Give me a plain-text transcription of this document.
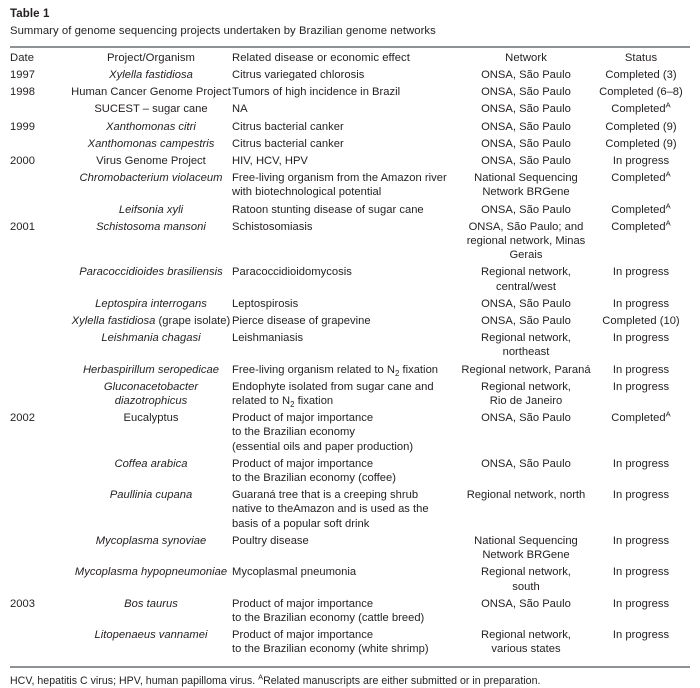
Table 1
Summary of genome sequencing projects undertaken by Brazilian genome networks
Date	Project/Organism	Related disease or economic effect	Network	Status
1997	Xylella fastidiosa	Citrus variegated chlorosis	ONSA, São Paulo	Completed (3)
1998	Human Cancer Genome Project	Tumors of high incidence in Brazil	ONSA, São Paulo	Completed (6–8)
	SUCEST – sugar cane	NA	ONSA, São Paulo	Completed$^A$
1999	Xanthomonas citri	Citrus bacterial canker	ONSA, São Paulo	Completed (9)
	Xanthomonas campestris	Citrus bacterial canker	ONSA, São Paulo	Completed (9)
2000	Virus Genome Project	HIV, HCV, HPV	ONSA, São Paulo	In progress
	Chromobacterium violaceum	Free-living organism from the Amazon river
with biotechnological potential	National Sequencing
Network BRGene	Completed$^A$
	Leifsonia xyli	Ratoon stunting disease of sugar cane	ONSA, São Paulo	Completed$^A$
2001	Schistosoma mansoni	Schistosomiasis	ONSA, São Paulo; and
regional network, Minas Gerais	Completed$^A$
	Paracoccidioides brasiliensis	Paracoccidioidomycosis	Regional network,
central/west	In progress
	Leptospira interrogans	Leptospirosis	ONSA, São Paulo	In progress
	Xylella fastidiosa (grape isolate)	Pierce disease of grapevine	ONSA, São Paulo	Completed (10)
	Leishmania chagasi	Leishmaniasis	Regional network, northeast	In progress
	Herbaspirillum seropedicae	Free-living organism related to $N_2$ fixation	Regional network, Paraná	In progress
	Gluconacetobacter diazotrophicus	Endophyte isolated from sugar cane and
related to $N_2$ fixation	Regional network,
Rio de Janeiro	In progress
2002	Eucalyptus	Product of major importance
to the Brazilian economy
(essential oils and paper production)	ONSA, São Paulo	Completed$^A$
	Coffea arabica	Product of major importance
to the Brazilian economy (coffee)	ONSA, São Paulo	In progress
	Paullinia cupana	Guaraná tree that is a creeping shrub
native to theAmazon and is used as the
basis of a popular soft drink	Regional network, north	In progress
	Mycoplasma synoviae	Poultry disease	National Sequencing
Network BRGene	In progress
	Mycoplasma hypopneumoniae	Mycoplasmal pneumonia	Regional network,
south	In progress
2003	Bos taurus	Product of major importance
to the Brazilian economy (cattle breed)	ONSA, São Paulo	In progress
	Litopenaeus vannamei	Product of major importance
to the Brazilian economy (white shrimp)	Regional network,
various states	In progress
HCV, hepatitis C virus; HPV, human papilloma virus. $^A$Related manuscripts are either submitted or in preparation.
